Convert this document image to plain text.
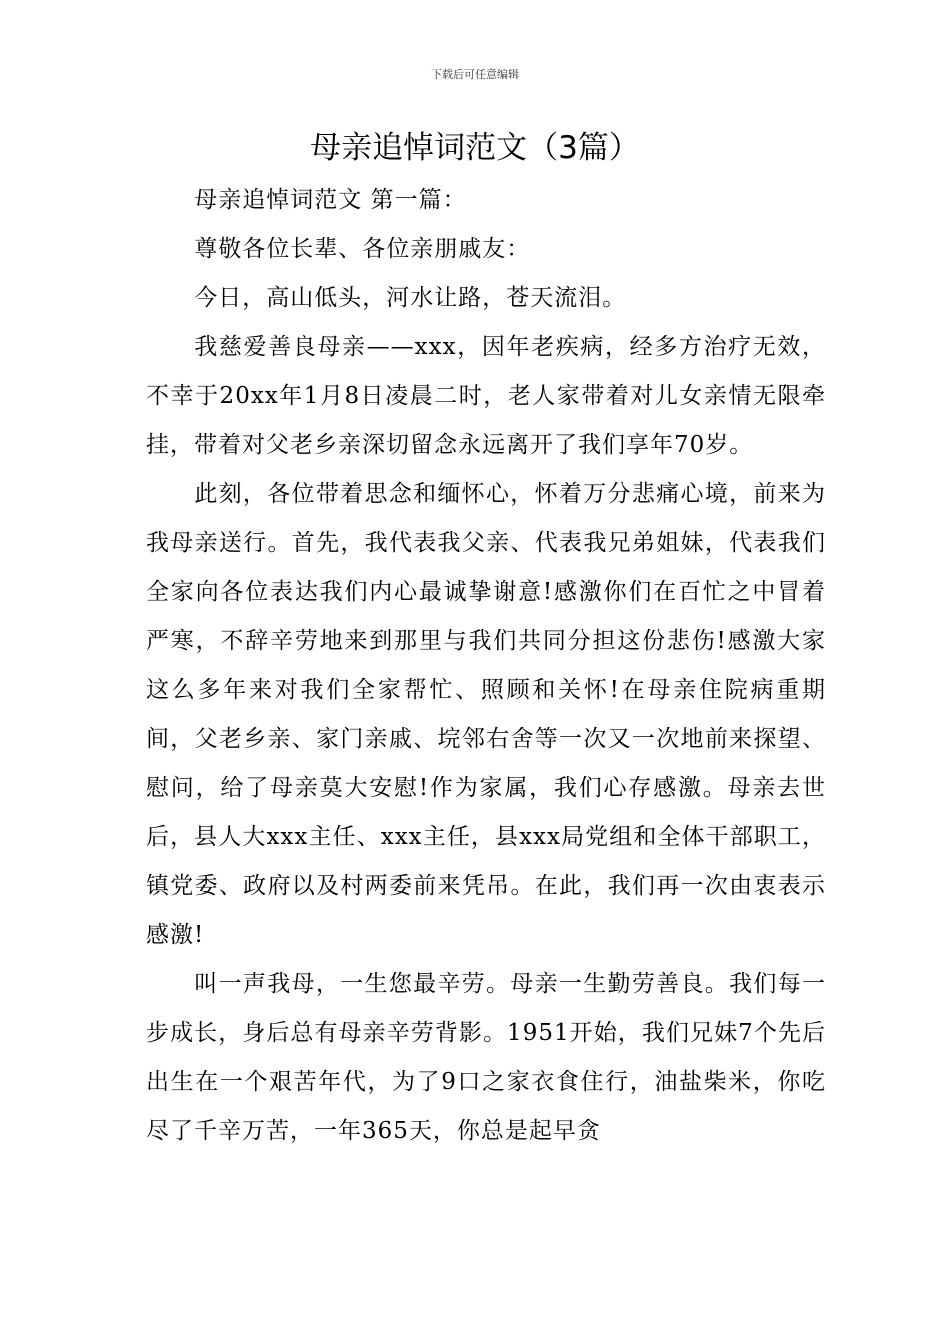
下载后可任意编辑
母亲追悼词范文（3篇）

母亲追悼词范文 第一篇：

尊敬各位长辈、各位亲朋戚友：

今日，高山低头，河水让路，苍天流泪。

我慈爱善良母亲——xxx，因年老疾病，经多方治疗无效，不幸于20xx年1月8日凌晨二时，老人家带着对儿女亲情无限牵挂，带着对父老乡亲深切留念永远离开了我们享年70岁。

此刻，各位带着思念和缅怀心，怀着万分悲痛心境，前来为我母亲送行。首先，我代表我父亲、代表我兄弟姐妹，代表我们全家向各位表达我们内心最诚挚谢意!感激你们在百忙之中冒着严寒，不辞辛劳地来到那里与我们共同分担这份悲伤!感激大家这么多年来对我们全家帮忙、照顾和关怀!在母亲住院病重期间，父老乡亲、家门亲戚、垸邻右舍等一次又一次地前来探望、慰问，给了母亲莫大安慰!作为家属，我们心存感激。母亲去世后，县人大xxx主任、xxx主任，县xxx局党组和全体干部职工，镇党委、政府以及村两委前来凭吊。在此，我们再一次由衷表示感激!

叫一声我母，一生您最辛劳。母亲一生勤劳善良。我们每一步成长，身后总有母亲辛劳背影。1951开始，我们兄妹7个先后出生在一个艰苦年代，为了9口之家衣食住行，油盐柴米，你吃尽了千辛万苦，一年365天，你总是起早贪
